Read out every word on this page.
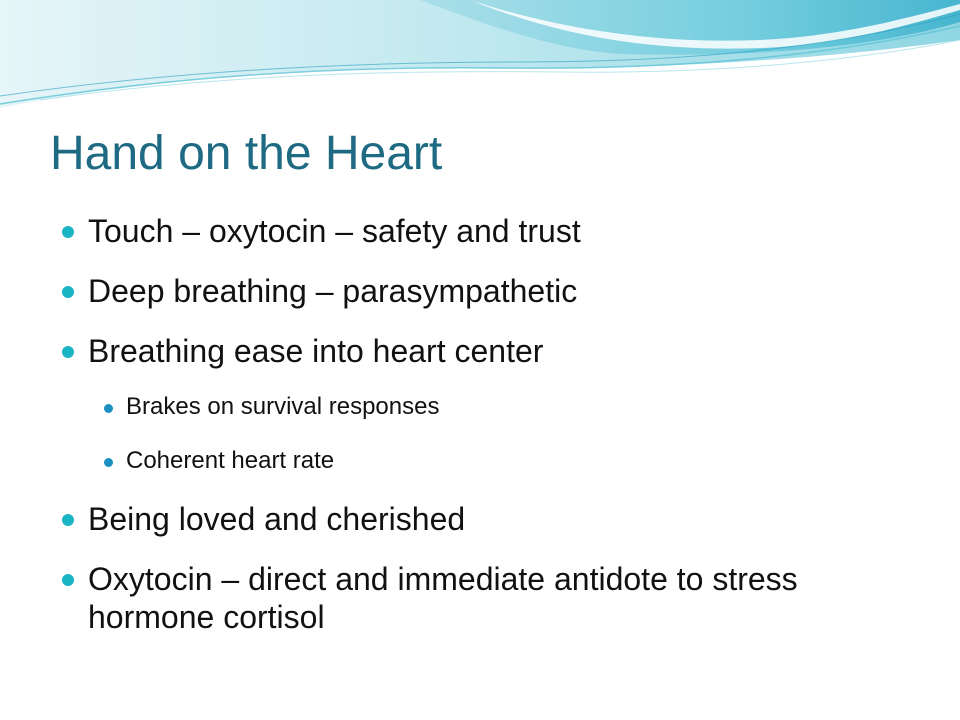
Hand on the Heart
Touch – oxytocin – safety and trust
Deep breathing – parasympathetic
Breathing ease into heart center
Brakes on survival responses
Coherent heart rate
Being loved and cherished
Oxytocin – direct and immediate antidote to stress hormone cortisol
